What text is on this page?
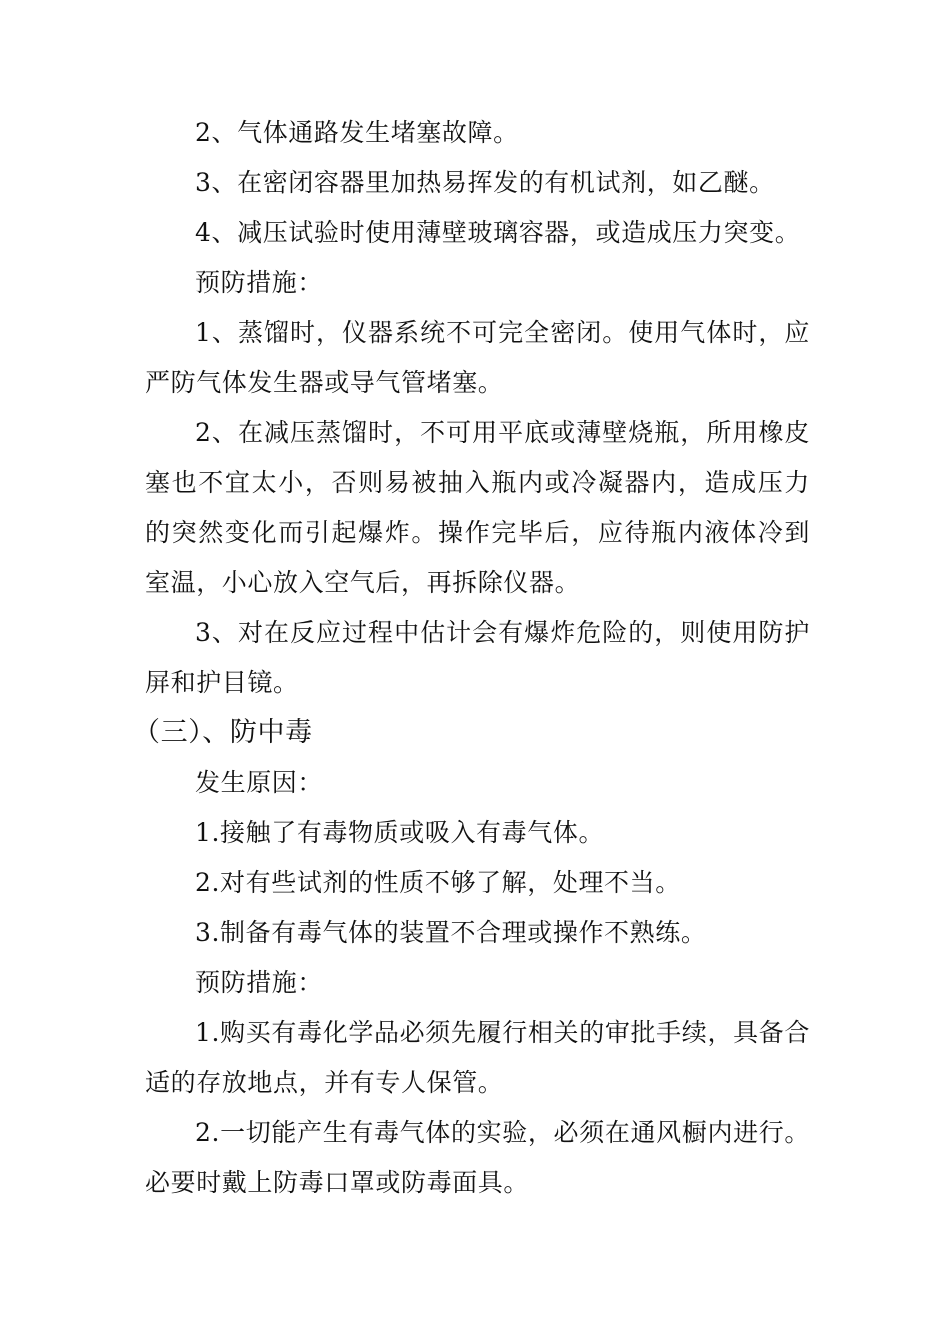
2、气体通路发生堵塞故障。

3、在密闭容器里加热易挥发的有机试剂，如乙醚。

4、减压试验时使用薄壁玻璃容器，或造成压力突变。

预防措施：

1、蒸馏时，仪器系统不可完全密闭。使用气体时，应严防气体发生器或导气管堵塞。

2、在减压蒸馏时，不可用平底或薄壁烧瓶，所用橡皮塞也不宜太小，否则易被抽入瓶内或冷凝器内，造成压力的突然变化而引起爆炸。操作完毕后，应待瓶内液体冷到室温，小心放入空气后，再拆除仪器。

3、对在反应过程中估计会有爆炸危险的，则使用防护屏和护目镜。

（三）、防中毒

发生原因：

1.接触了有毒物质或吸入有毒气体。

2.对有些试剂的性质不够了解，处理不当。

3.制备有毒气体的装置不合理或操作不熟练。

预防措施：

1.购买有毒化学品必须先履行相关的审批手续，具备合适的存放地点，并有专人保管。

2.一切能产生有毒气体的实验，必须在通风橱内进行。必要时戴上防毒口罩或防毒面具。
